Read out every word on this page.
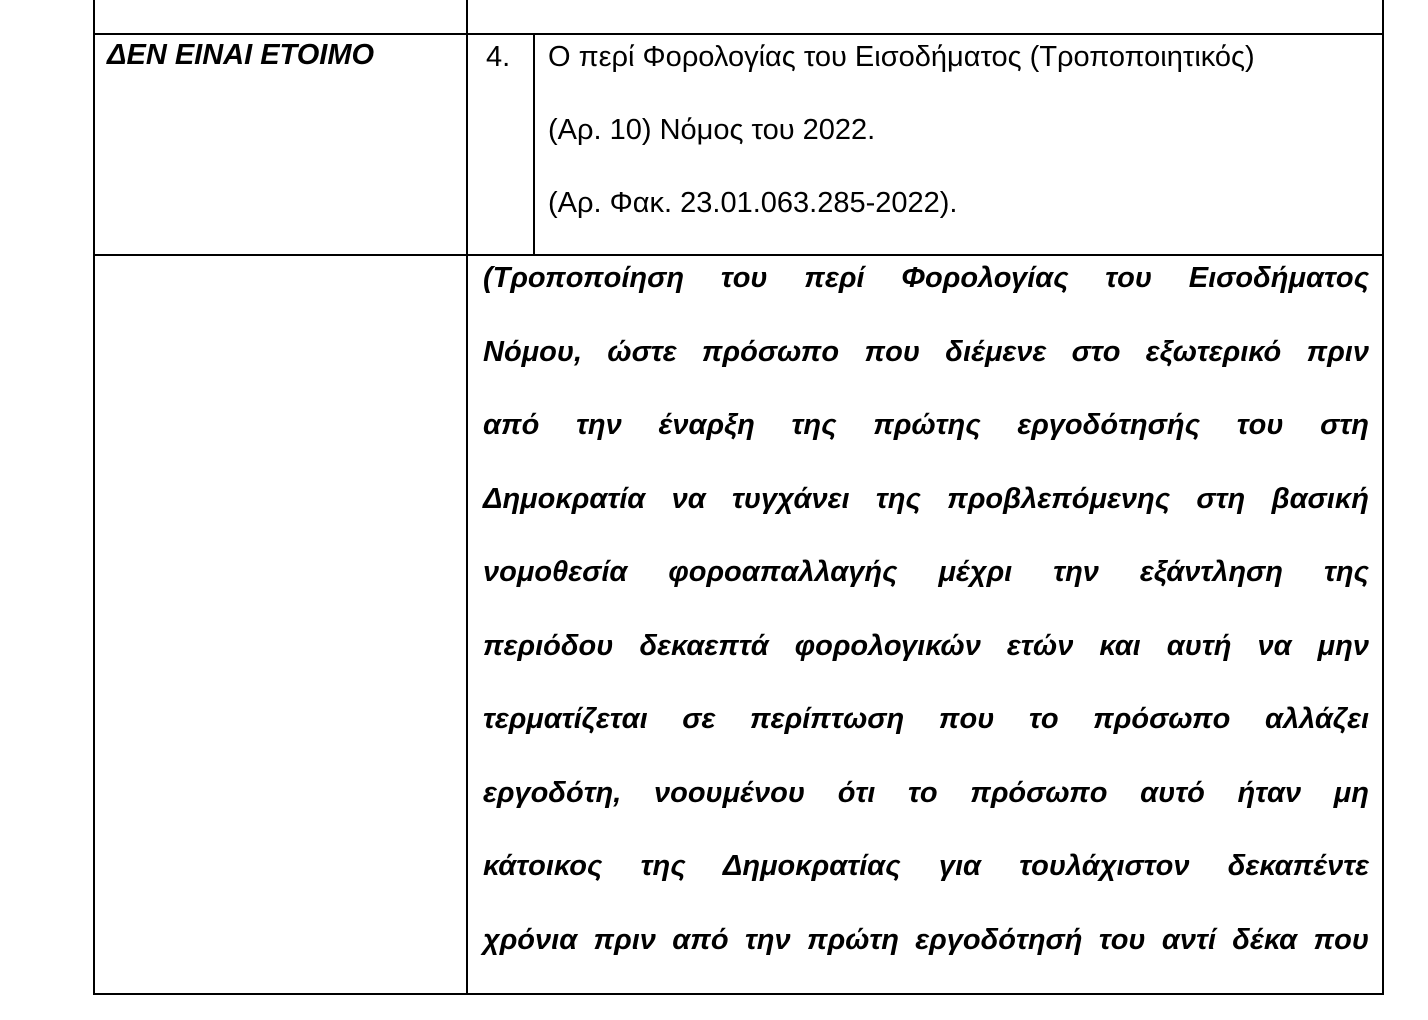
ΔΕΝ ΕΙΝΑΙ ΕΤΟΙΜΟ	4. Ο περί Φορολογίας του Εισοδήματος (Τροποποιητικός)
(Αρ. 10) Νόμος του 2022.
(Αρ. Φακ. 23.01.063.285-2022).
(Τροποποίηση του περί Φορολογίας του Εισοδήματος
Νόμου, ώστε πρόσωπο που διέμενε στο εξωτερικό πριν
από την έναρξη της πρώτης εργοδότησής του στη
Δημοκρατία να τυγχάνει της προβλεπόμενης στη βασική
νομοθεσία φοροαπαλλαγής μέχρι την εξάντληση της
περιόδου δεκαεπτά φορολογικών ετών και αυτή να μην
τερματίζεται σε περίπτωση που το πρόσωπο αλλάζει
εργοδότη, νοουμένου ότι το πρόσωπο αυτό ήταν μη
κάτοικος της Δημοκρατίας για τουλάχιστον δεκαπέντε
χρόνια πριν από την πρώτη εργοδότησή του αντί δέκα που
